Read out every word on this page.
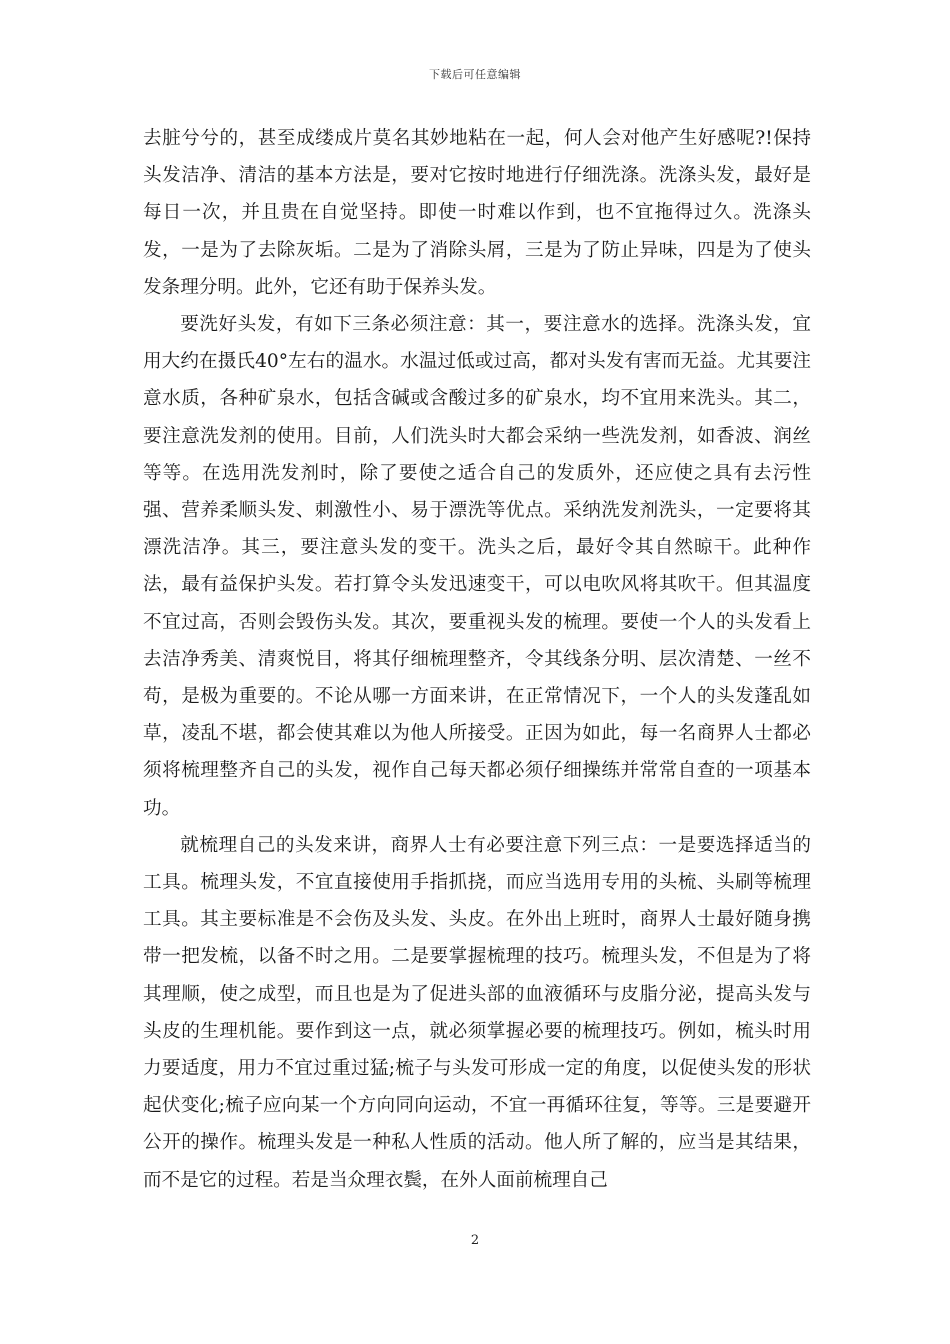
下载后可任意编辑

去脏兮兮的，甚至成缕成片莫名其妙地粘在一起，何人会对他产生好感呢?!保持头发洁净、清洁的基本方法是，要对它按时地进行仔细洗涤。洗涤头发，最好是每日一次，并且贵在自觉坚持。即使一时难以作到，也不宜拖得过久。洗涤头发，一是为了去除灰垢。二是为了消除头屑，三是为了防止异味，四是为了使头发条理分明。此外，它还有助于保养头发。

要洗好头发，有如下三条必须注意：其一，要注意水的选择。洗涤头发，宜用大约在摄氏40°左右的温水。水温过低或过高，都对头发有害而无益。尤其要注意水质，各种矿泉水，包括含碱或含酸过多的矿泉水，均不宜用来洗头。其二，要注意洗发剂的使用。目前，人们洗头时大都会采纳一些洗发剂，如香波、润丝等等。在选用洗发剂时，除了要使之适合自己的发质外，还应使之具有去污性强、营养柔顺头发、刺激性小、易于漂洗等优点。采纳洗发剂洗头，一定要将其漂洗洁净。其三，要注意头发的变干。洗头之后，最好令其自然晾干。此种作法，最有益保护头发。若打算令头发迅速变干，可以电吹风将其吹干。但其温度不宜过高，否则会毁伤头发。其次，要重视头发的梳理。要使一个人的头发看上去洁净秀美、清爽悦目，将其仔细梳理整齐，令其线条分明、层次清楚、一丝不苟，是极为重要的。不论从哪一方面来讲，在正常情况下，一个人的头发蓬乱如草，凌乱不堪，都会使其难以为他人所接受。正因为如此，每一名商界人士都必须将梳理整齐自己的头发，视作自己每天都必须仔细操练并常常自查的一项基本功。

就梳理自己的头发来讲，商界人士有必要注意下列三点：一是要选择适当的工具。梳理头发，不宜直接使用手指抓挠，而应当选用专用的头梳、头刷等梳理工具。其主要标准是不会伤及头发、头皮。在外出上班时，商界人士最好随身携带一把发梳，以备不时之用。二是要掌握梳理的技巧。梳理头发，不但是为了将其理顺，使之成型，而且也是为了促进头部的血液循环与皮脂分泌，提高头发与头皮的生理机能。要作到这一点，就必须掌握必要的梳理技巧。例如，梳头时用力要适度，用力不宜过重过猛;梳子与头发可形成一定的角度，以促使头发的形状起伏变化;梳子应向某一个方向同向运动，不宜一再循环往复，等等。三是要避开公开的操作。梳理头发是一种私人性质的活动。他人所了解的，应当是其结果，而不是它的过程。若是当众理衣鬓，在外人面前梳理自己

2
